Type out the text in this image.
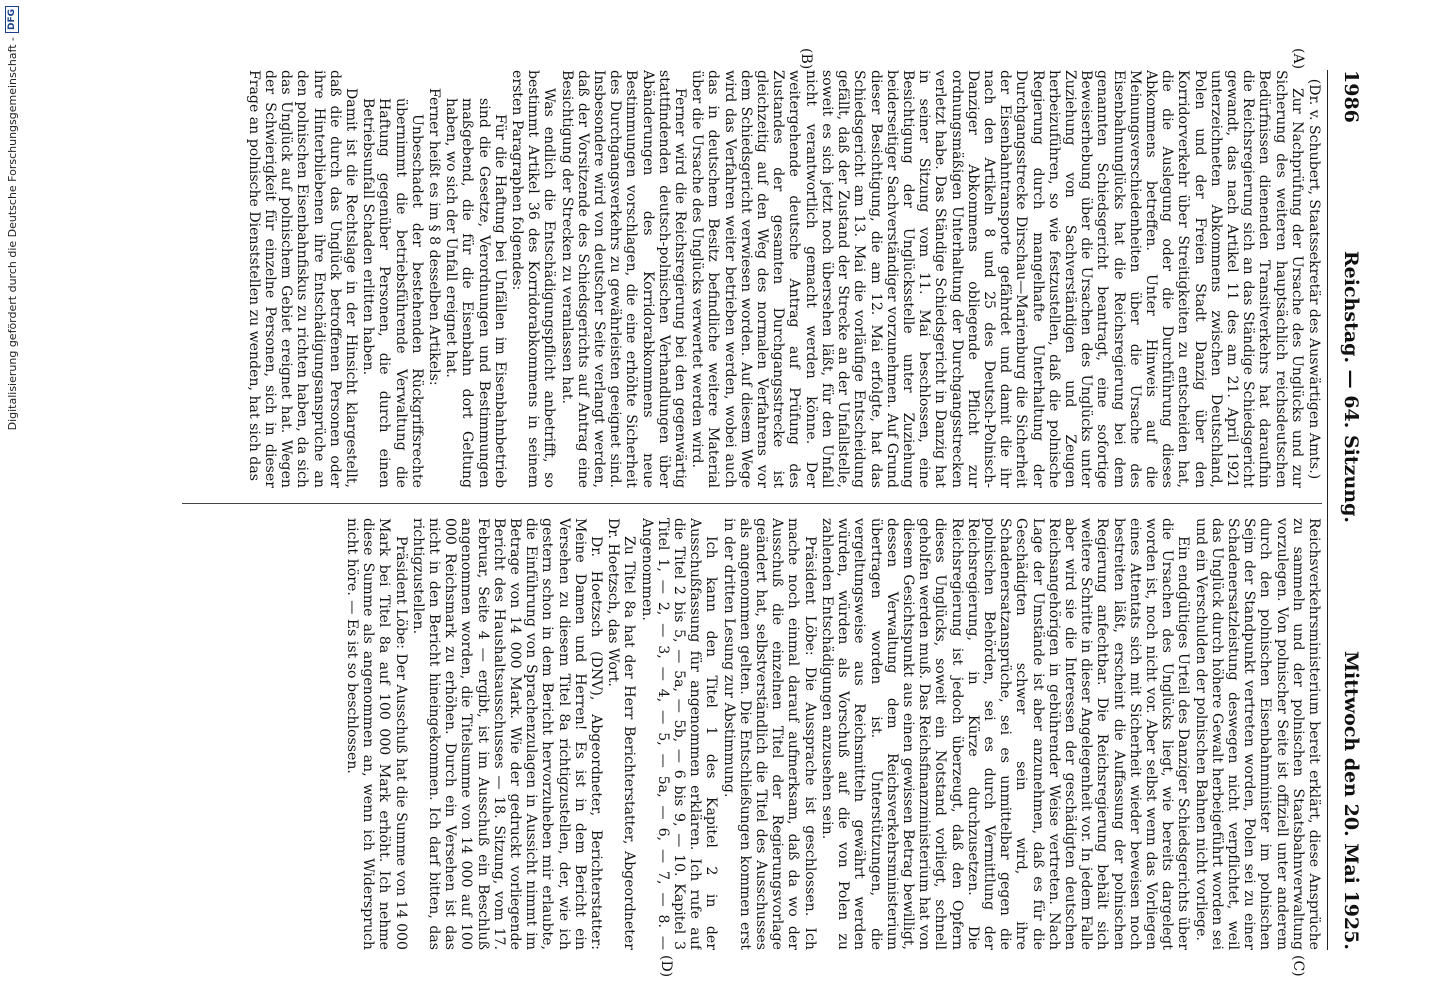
1986
Reichstag. — 64. Sitzung.
Mittwoch den 20. Mai 1925.
(A)
(B)
(C)
(D)

(Dr. v. Schubert, Staatssekretär des Auswärtigen Amts.)

Zur Nachprüfung der Ursache des Unglücks und zur Sicherung des weiteren hauptsächlich reichsdeutschen Bedürfnissen dienenden Transitverkehrs hat daraufhin die Reichsregierung sich an das Ständige Schiedsgericht gewandt, das nach Artikel 11 des am 21. April 1921 unterzeichneten Abkommens zwischen Deutschland, Polen und der Freien Stadt Danzig über den Korridorverkehr über Streitigkeiten zu entscheiden hat, die die Auslegung oder die Durchführung dieses Abkommens betreffen. Unter Hinweis auf die Meinungsverschiedenheiten über die Ursache des Eisenbahnunglücks hat die Reichsregierung bei dem genannten Schiedsgericht beantragt, eine sofortige Beweiserhebung über die Ursachen des Unglücks unter Zuziehung von Sachverständigen und Zeugen herbeizuführen, so wie festzustellen, daß die polnische Regierung durch mangelhafte Unterhaltung der Durchgangsstrecke Dirschau—Marienburg die Sicherheit der Eisenbahntransporte gefährdet und damit die ihr nach den Artikeln 8 und 25 des Deutsch-Polnisch-Danziger Abkommens obliegende Pflicht zur ordnungsmäßigen Unterhaltung der Durchgangsstrecken verletzt habe. Das Ständige Schiedsgericht in Danzig hat in seiner Sitzung vom 11. Mai beschlossen, eine Besichtigung der Unglücksstelle unter Zuziehung beiderseitiger Sachverständiger vorzunehmen. Auf Grund dieser Besichtigung, die am 12. Mai erfolgte, hat das Schiedsgericht am 13. Mai die vorläufige Entscheidung gefällt, daß der Zustand der Strecke an der Unfallstelle, soweit es sich jetzt noch übersehen läßt, für den Unfall nicht verantwortlich gemacht werden könne. Der weitergehende deutsche Antrag auf Prüfung des Zustandes der gesamten Durchgangsstrecke ist gleichzeitig auf den Weg des normalen Verfahrens vor dem Schiedsgericht verwiesen worden. Auf diesem Wege wird das Verfahren weiter betrieben werden, wobei auch das in deutschem Besitz befindliche weitere Material über die Ursache des Unglücks verwertet werden wird.

Ferner wird die Reichsregierung bei den gegenwärtig stattfindenden deutsch-polnischen Verhandlungen über Abänderungen des Korridorabkommens neue Bestimmungen vorschlagen, die eine erhöhte Sicherheit des Durchgangsverkehrs zu gewährleisten geeignet sind. Insbesondere wird von deutscher Seite verlangt werden, daß der Vorsitzende des Schiedsgerichts auf Antrag eine Besichtigung der Strecken zu veranlassen hat.

Was endlich die Entschädigungspflicht anbetrifft, so bestimmt Artikel 36 des Korridorabkommens in seinem ersten Paragraphen folgendes:

Für die Haftung bei Unfällen im Eisenbahnbetrieb sind die Gesetze, Verordnungen und Bestimmungen maßgebend, die für die Eisenbahn dort Geltung haben, wo sich der Unfall ereignet hat.

Ferner heißt es im § 8 desselben Artikels:

Unbeschadet der bestehenden Rückgriffsrechte übernimmt die betriebsführende Verwaltung die Haftung gegenüber Personen, die durch einen Betriebsunfall Schaden erlitten haben.

Damit ist die Rechtslage in der Hinsicht klargestellt, daß die durch das Unglück betroffenen Personen oder ihre Hinterbliebenen ihre Entschädigungsansprüche an den polnischen Eisenbahnfiskus zu richten haben, da sich das Unglück auf polnischem Gebiet ereignet hat. Wegen der Schwierigkeit für einzelne Personen, sich in dieser Frage an polnische Dienststellen zu wenden, hat sich das

Reichsverkehrsministerium bereit erklärt, diese Ansprüche zu sammeln und der polnischen Staatsbahnverwaltung vorzulegen. Von polnischer Seite ist offiziell unter anderem durch den polnischen Eisenbahnminister im polnischen Sejm der Standpunkt vertreten worden, Polen sei zu einer Schadenersatzleistung deswegen nicht verpflichtet, weil das Unglück durch höhere Gewalt herbeigeführt worden sei und ein Verschulden der polnischen Bahnen nicht vorliege.

Ein endgültiges Urteil des Danziger Schiedsgerichts über die Ursachen des Unglücks liegt, wie bereits dargelegt worden ist, noch nicht vor. Aber selbst wenn das Vorliegen eines Attentats sich mit Sicherheit wieder beweisen noch bestreiten läßt, erscheint die Auffassung der polnischen Regierung anfechtbar. Die Reichsregierung behält sich weitere Schritte in dieser Angelegenheit vor. In jedem Falle aber wird sie die Interessen der geschädigten deutschen Reichsangehörigen in gebührender Weise vertreten. Nach Lage der Umstände ist aber anzunehmen, daß es für die Geschädigten schwer sein wird, ihre Schadenersatzansprüche, sei es unmittelbar gegen die polnischen Behörden, sei es durch Vermittlung der Reichsregierung, in Kürze durchzusetzen. Die Reichsregierung ist jedoch überzeugt, daß den Opfern dieses Unglücks, soweit ein Notstand vorliegt, schnell geholfen werden muß. Das Reichsfinanzministerium hat von diesem Gesichtspunkt aus einen gewissen Betrag bewilligt, dessen Verwaltung dem Reichsverkehrsministerium übertragen worden ist. Unterstützungen, die vergeltungsweise aus Reichsmitteln gewährt werden würden, würden als Vorschuß auf die von Polen zu zahlenden Entschädigungen anzusehen sein.

Präsident Löbe: Die Aussprache ist geschlossen. Ich mache noch einmal darauf aufmerksam, daß da wo der Ausschuß die einzelnen Titel der Regierungsvorlage geändert hat, selbstverständlich die Titel des Ausschusses als angenommen gelten. Die Entschließungen kommen erst in der dritten Lesung zur Abstimmung.

Ich kann den Titel 1 des Kapitel 2 in der Ausschußfassung für angenommen erklären. Ich rufe auf die Titel 2 bis 5, — 5a, — 5b, — 6 bis 9, — 10. Kapitel 3 Titel 1, — 2, — 3, — 4, — 5, — 5a, — 6, — 7, — 8. — Angenommen.

Zu Titel 8a hat der Herr Berichterstatter, Abgeordneter Dr. Hoetzsch, das Wort.

Dr. Hoetzsch (DNV), Abgeordneter, Berichterstatter: Meine Damen und Herren! Es ist in dem Bericht ein Versehen zu diesem Titel 8a richtigzustellen, der, wie ich gestern schon in dem Bericht hervorzuheben mir erlaubte, die Einführung von Sprachenzulagen in Aussicht nimmt im Betrage von 14 000 Mark. Wie der gedruckt vorliegende Bericht des Haushaltsausschusses — 18. Sitzung, vom 17. Februar, Seite 4 — ergibt, ist im Ausschuß ein Beschluß angenommen worden, die Titelsumme von 14 000 auf 100 000 Reichsmark zu erhöhen. Durch ein Versehen ist das nicht in den Bericht hineingekommen. Ich darf bitten, das richtigzustellen.

Präsident Löbe: Der Ausschuß hat die Summe von 14 000 Mark bei Titel 8a auf 100 000 Mark erhöht. Ich nehme diese Summe als angenommen an, wenn ich Widerspruch nicht höre. — Es ist so beschlossen.

Digitalisierung gefördert durch die Deutsche Forschungsgemeinschaft -
DFG
